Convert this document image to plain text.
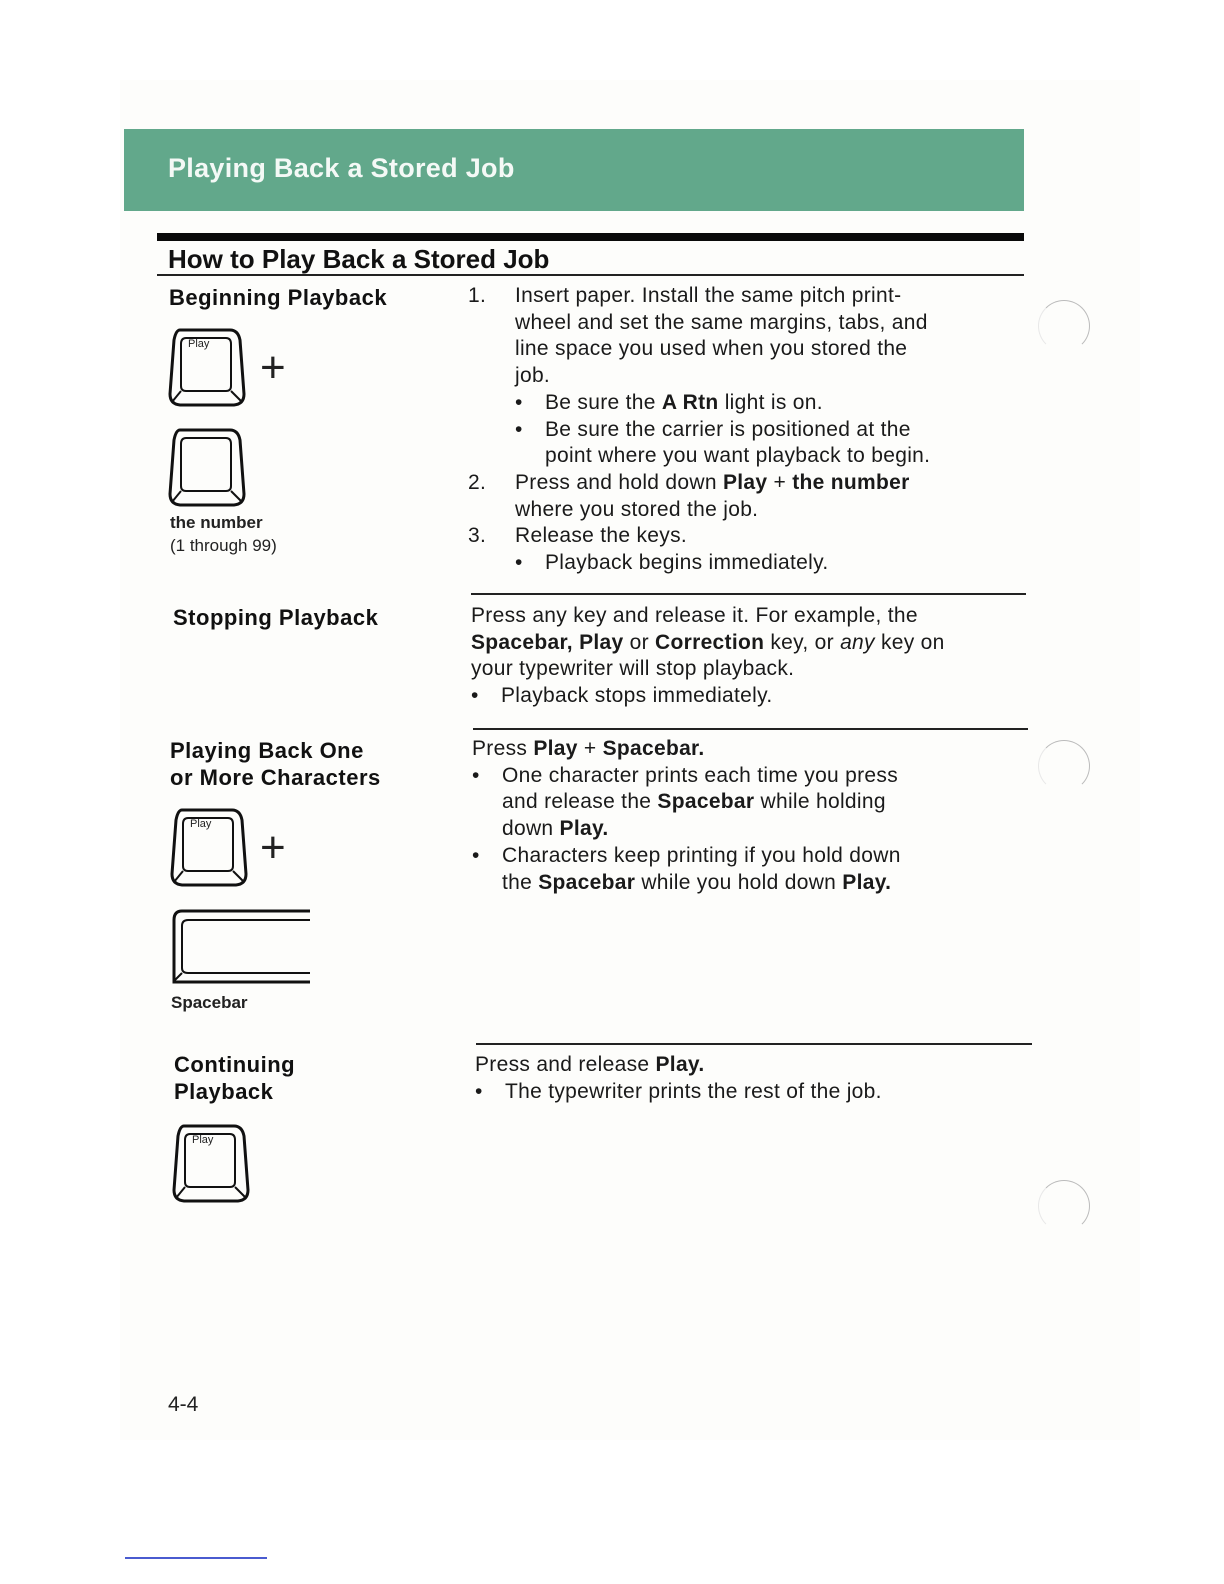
Playing Back a Stored Job
How to Play Back a Stored Job
Beginning Playback
Play +
the number
(1 through 99)
1. Insert paper. Install the same pitch print-
wheel and set the same margins, tabs, and
line space you used when you stored the
job.
• Be sure the A Rtn light is on.
• Be sure the carrier is positioned at the
point where you want playback to begin.
2. Press and hold down Play + the number
where you stored the job.
3. Release the keys.
• Playback begins immediately.
Stopping Playback	Press any key and release it. For example, the
Spacebar, Play or Correction key, or any key on
your typewriter will stop playback.
• Playback stops immediately.
Playing Back One
or More Characters
Play +
Spacebar
Press Play + Spacebar.
• One character prints each time you press
and release the Spacebar while holding
down Play.
• Characters keep printing if you hold down
the Spacebar while you hold down Play.
Continuing
Playback
Play
Press and release Play.
• The typewriter prints the rest of the job.
4-4
